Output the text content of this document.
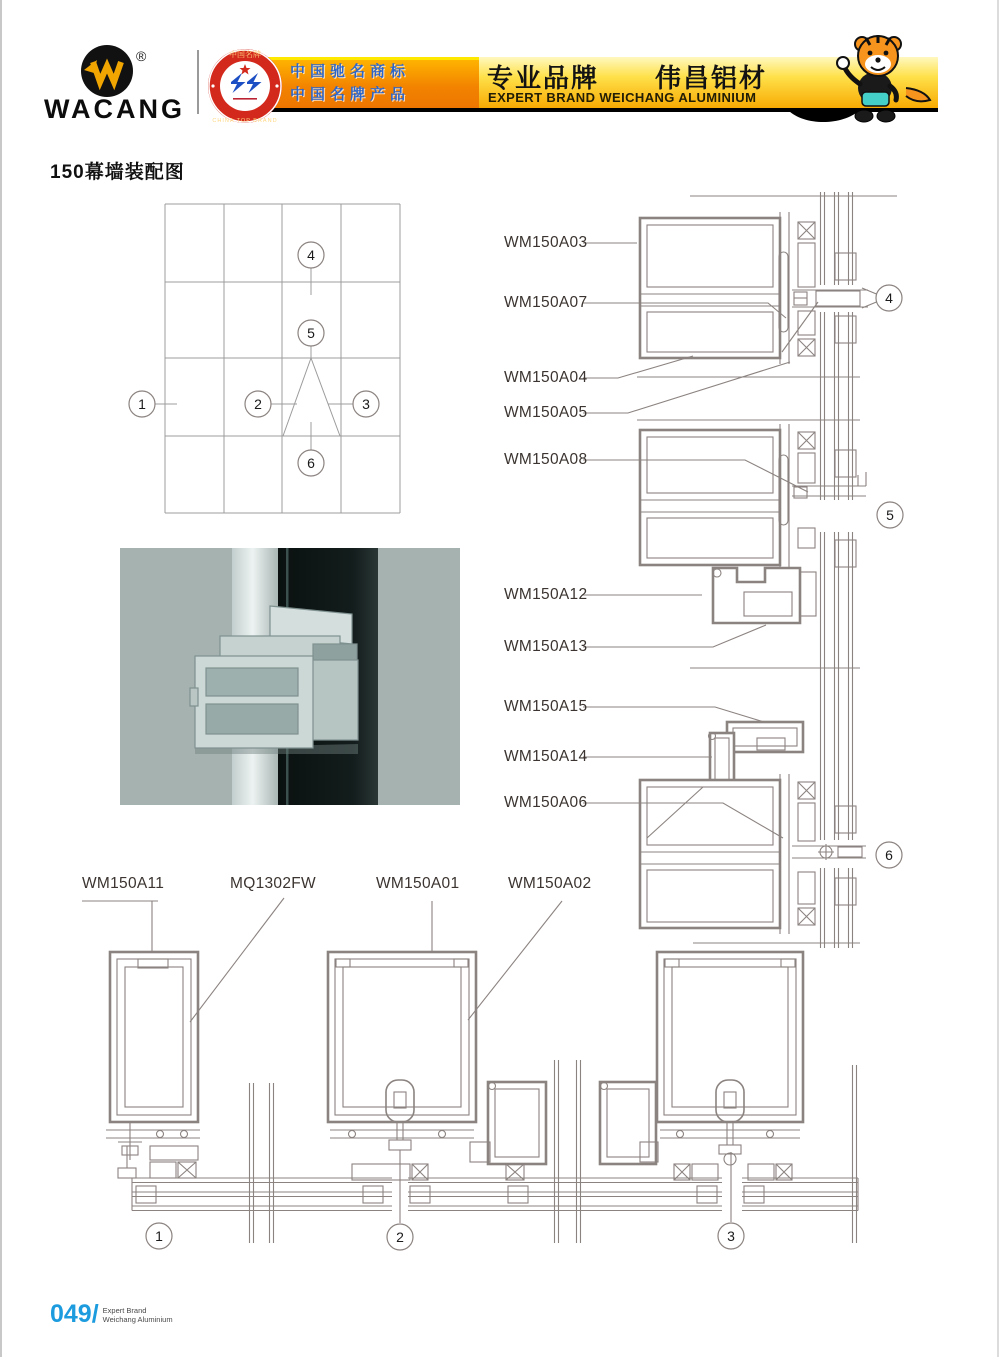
中国驰名商标
中国名牌产品
专业品牌　　伟昌铝材
EXPERT BRAND WEICHANG ALUMINIUM
®
WACANG
中国名牌
CHINA TOP BRAND
150幕墙装配图
4
5
1	2	3
6
4
5
6
1	2	3
WM150A03
WM150A07
WM150A04
WM150A05
WM150A08
WM150A12
WM150A13
WM150A15
WM150A14
WM150A06
WM150A11	MQ1302FW	WM150A01	WM150A02
049/ Expert Brand
Weichang Aluminium
